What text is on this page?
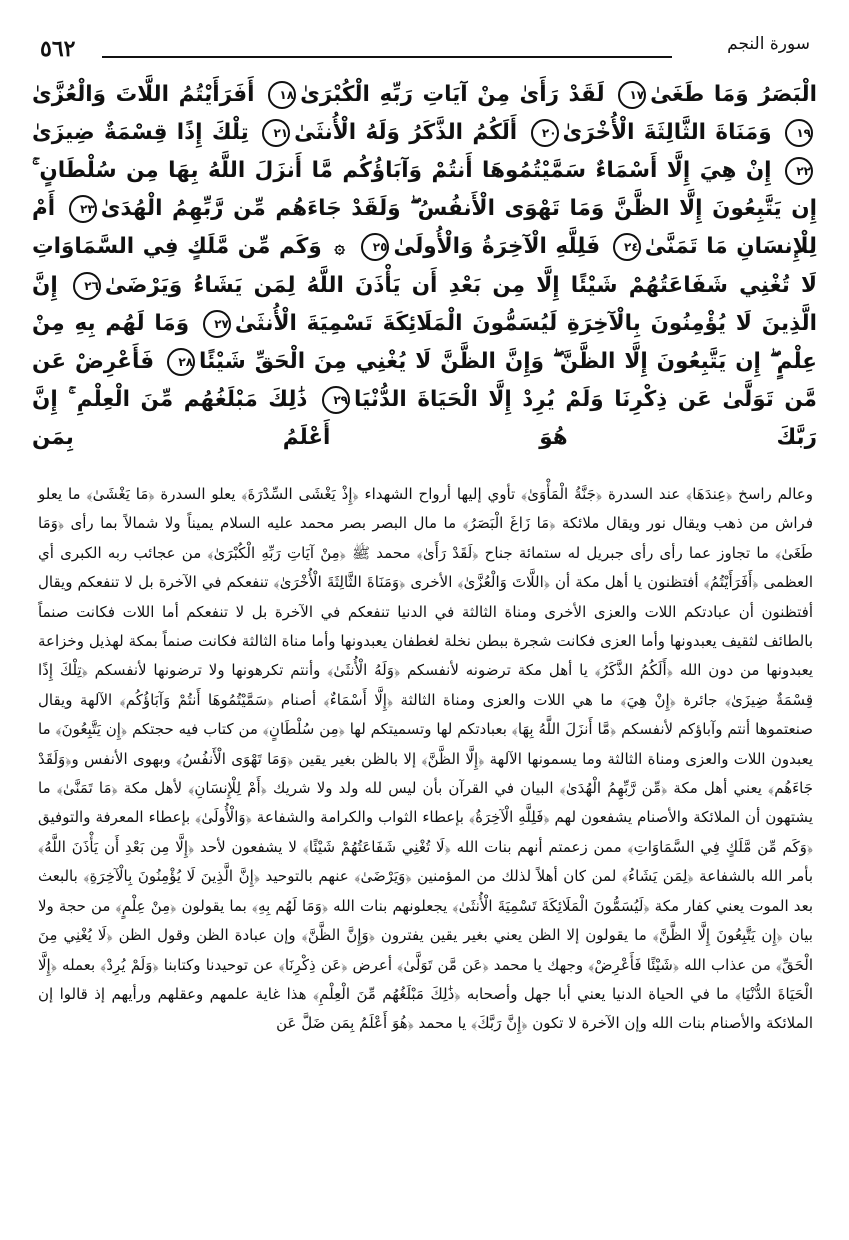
سورة النجم
٥٦٢
الْبَصَرُ وَمَا طَغَىٰ١٧ لَقَدْ رَأَىٰ مِنْ آيَاتِ رَبِّهِ الْكُبْرَىٰ١٨ أَفَرَأَيْتُمُ اللَّاتَ وَالْعُزَّىٰ١٩ وَمَنَاةَ الثَّالِثَةَ الْأُخْرَىٰ٢٠ أَلَكُمُ الذَّكَرُ وَلَهُ الْأُنثَىٰ٢١ تِلْكَ إِذًا قِسْمَةٌ ضِيزَىٰ٢٢ إِنْ هِيَ إِلَّا أَسْمَاءٌ سَمَّيْتُمُوهَا أَنتُمْ وَآبَاؤُكُم مَّا أَنزَلَ اللَّهُ بِهَا مِن سُلْطَانٍ ۚ إِن يَتَّبِعُونَ إِلَّا الظَّنَّ وَمَا تَهْوَى الْأَنفُسُ ۖ وَلَقَدْ جَاءَهُم مِّن رَّبِّهِمُ الْهُدَىٰ٢٣ أَمْ لِلْإِنسَانِ مَا تَمَنَّىٰ٢٤ فَلِلَّهِ الْآخِرَةُ وَالْأُولَىٰ٢٥ ۞ وَكَم مِّن مَّلَكٍ فِي السَّمَاوَاتِ لَا تُغْنِي شَفَاعَتُهُمْ شَيْئًا إِلَّا مِن بَعْدِ أَن يَأْذَنَ اللَّهُ لِمَن يَشَاءُ وَيَرْضَىٰ٢٦ إِنَّ الَّذِينَ لَا يُؤْمِنُونَ بِالْآخِرَةِ لَيُسَمُّونَ الْمَلَائِكَةَ تَسْمِيَةَ الْأُنثَىٰ٢٧ وَمَا لَهُم بِهِ مِنْ عِلْمٍ ۖ إِن يَتَّبِعُونَ إِلَّا الظَّنَّ ۖ وَإِنَّ الظَّنَّ لَا يُغْنِي مِنَ الْحَقِّ شَيْئًا٢٨ فَأَعْرِضْ عَن مَّن تَوَلَّىٰ عَن ذِكْرِنَا وَلَمْ يُرِدْ إِلَّا الْحَيَاةَ الدُّنْيَا٢٩ ذَٰلِكَ مَبْلَغُهُم مِّنَ الْعِلْمِ ۚ إِنَّ رَبَّكَ هُوَ أَعْلَمُ بِمَن

وعالم راسخ ﴿عِندَهَا﴾ عند السدرة ﴿جَنَّةُ الْمَأْوَىٰ﴾ تأوي إليها أرواح الشهداء ﴿إِذْ يَغْشَى السِّدْرَةَ﴾ يعلو السدرة ﴿مَا يَغْشَىٰ﴾ ما يعلو فراش من ذهب ويقال نور ويقال ملائكة ﴿مَا زَاغَ الْبَصَرُ﴾ ما مال البصر بصر محمد عليه السلام يميناً ولا شمالاً بما رأى ﴿وَمَا طَغَىٰ﴾ ما تجاوز عما رأى رأى جبريل له ستمائة جناح ﴿لَقَدْ رَأَىٰ﴾ محمد ﷺ ﴿مِنْ آيَاتِ رَبِّهِ الْكُبْرَىٰ﴾ من عجائب ربه الكبرى أي العظمى ﴿أَفَرَأَيْتُمُ﴾ أفتظنون يا أهل مكة أن ﴿اللَّاتَ وَالْعُزَّىٰ﴾ الأخرى ﴿وَمَنَاةَ الثَّالِثَةَ الْأُخْرَىٰ﴾ تنفعكم في الآخرة بل لا تنفعكم ويقال أفتظنون أن عبادتكم اللات والعزى الأخرى ومناة الثالثة في الدنيا تنفعكم في الآخرة بل لا تنفعكم أما اللات فكانت صنماً بالطائف لثقيف يعبدونها وأما العزى فكانت شجرة ببطن نخلة لغطفان يعبدونها وأما مناة الثالثة فكانت صنماً بمكة لهذيل وخزاعة يعبدونها من دون الله ﴿أَلَكُمُ الذَّكَرُ﴾ يا أهل مكة ترضونه لأنفسكم ﴿وَلَهُ الْأُنثَىٰ﴾ وأنتم تكرهونها ولا ترضونها لأنفسكم ﴿تِلْكَ إِذًا قِسْمَةٌ ضِيزَىٰ﴾ جائرة ﴿إِنْ هِيَ﴾ ما هي اللات والعزى ومناة الثالثة ﴿إِلَّا أَسْمَاءٌ﴾ أصنام ﴿سَمَّيْتُمُوهَا أَنتُمْ وَآبَاؤُكُم﴾ الآلهة ويقال صنعتموها أنتم وآباؤكم لأنفسكم ﴿مَّا أَنزَلَ اللَّهُ بِهَا﴾ بعبادتكم لها وتسميتكم لها ﴿مِن سُلْطَانٍ﴾ من كتاب فيه حجتكم ﴿إِن يَتَّبِعُونَ﴾ ما يعبدون اللات والعزى ومناة الثالثة وما يسمونها الآلهة ﴿إِلَّا الظَّنَّ﴾ إلا بالظن بغير يقين ﴿وَمَا تَهْوَى الْأَنفُسُ﴾ وبهوى الأنفس و﴿وَلَقَدْ جَاءَهُم﴾ يعني أهل مكة ﴿مِّن رَّبِّهِمُ الْهُدَىٰ﴾ البيان في القرآن بأن ليس لله ولد ولا شريك ﴿أَمْ لِلْإِنسَانِ﴾ لأهل مكة ﴿مَا تَمَنَّىٰ﴾ ما يشتهون أن الملائكة والأصنام يشفعون لهم ﴿فَلِلَّهِ الْآخِرَةُ﴾ بإعطاء الثواب والكرامة والشفاعة ﴿وَالْأُولَىٰ﴾ بإعطاء المعرفة والتوفيق ﴿وَكَم مِّن مَّلَكٍ فِي السَّمَاوَاتِ﴾ ممن زعمتم أنهم بنات الله ﴿لَا تُغْنِي شَفَاعَتُهُمْ شَيْئًا﴾ لا يشفعون لأحد ﴿إِلَّا مِن بَعْدِ أَن يَأْذَنَ اللَّهُ﴾ بأمر الله بالشفاعة ﴿لِمَن يَشَاءُ﴾ لمن كان أهلاً لذلك من المؤمنين ﴿وَيَرْضَىٰ﴾ عنهم بالتوحيد ﴿إِنَّ الَّذِينَ لَا يُؤْمِنُونَ بِالْآخِرَةِ﴾ بالبعث بعد الموت يعني كفار مكة ﴿لَيُسَمُّونَ الْمَلَائِكَةَ تَسْمِيَةَ الْأُنثَىٰ﴾ يجعلونهم بنات الله ﴿وَمَا لَهُم بِهِ﴾ بما يقولون ﴿مِنْ عِلْمٍ﴾ من حجة ولا بيان ﴿إِن يَتَّبِعُونَ إِلَّا الظَّنَّ﴾ ما يقولون إلا الظن يعني بغير يقين يفترون ﴿وَإِنَّ الظَّنَّ﴾ وإن عبادة الظن وقول الظن ﴿لَا يُغْنِي مِنَ الْحَقِّ﴾ من عذاب الله ﴿شَيْئًا فَأَعْرِضْ﴾ وجهك يا محمد ﴿عَن مَّن تَوَلَّىٰ﴾ أعرض ﴿عَن ذِكْرِنَا﴾ عن توحيدنا وكتابنا ﴿وَلَمْ يُرِدْ﴾ بعمله ﴿إِلَّا الْحَيَاةَ الدُّنْيَا﴾ ما في الحياة الدنيا يعني أبا جهل وأصحابه ﴿ذَٰلِكَ مَبْلَغُهُم مِّنَ الْعِلْمِ﴾ هذا غاية علمهم وعقلهم ورأيهم إذ قالوا إن الملائكة والأصنام بنات الله وإن الآخرة لا تكون ﴿إِنَّ رَبَّكَ﴾ يا محمد ﴿هُوَ أَعْلَمُ بِمَن ضَلَّ عَن
